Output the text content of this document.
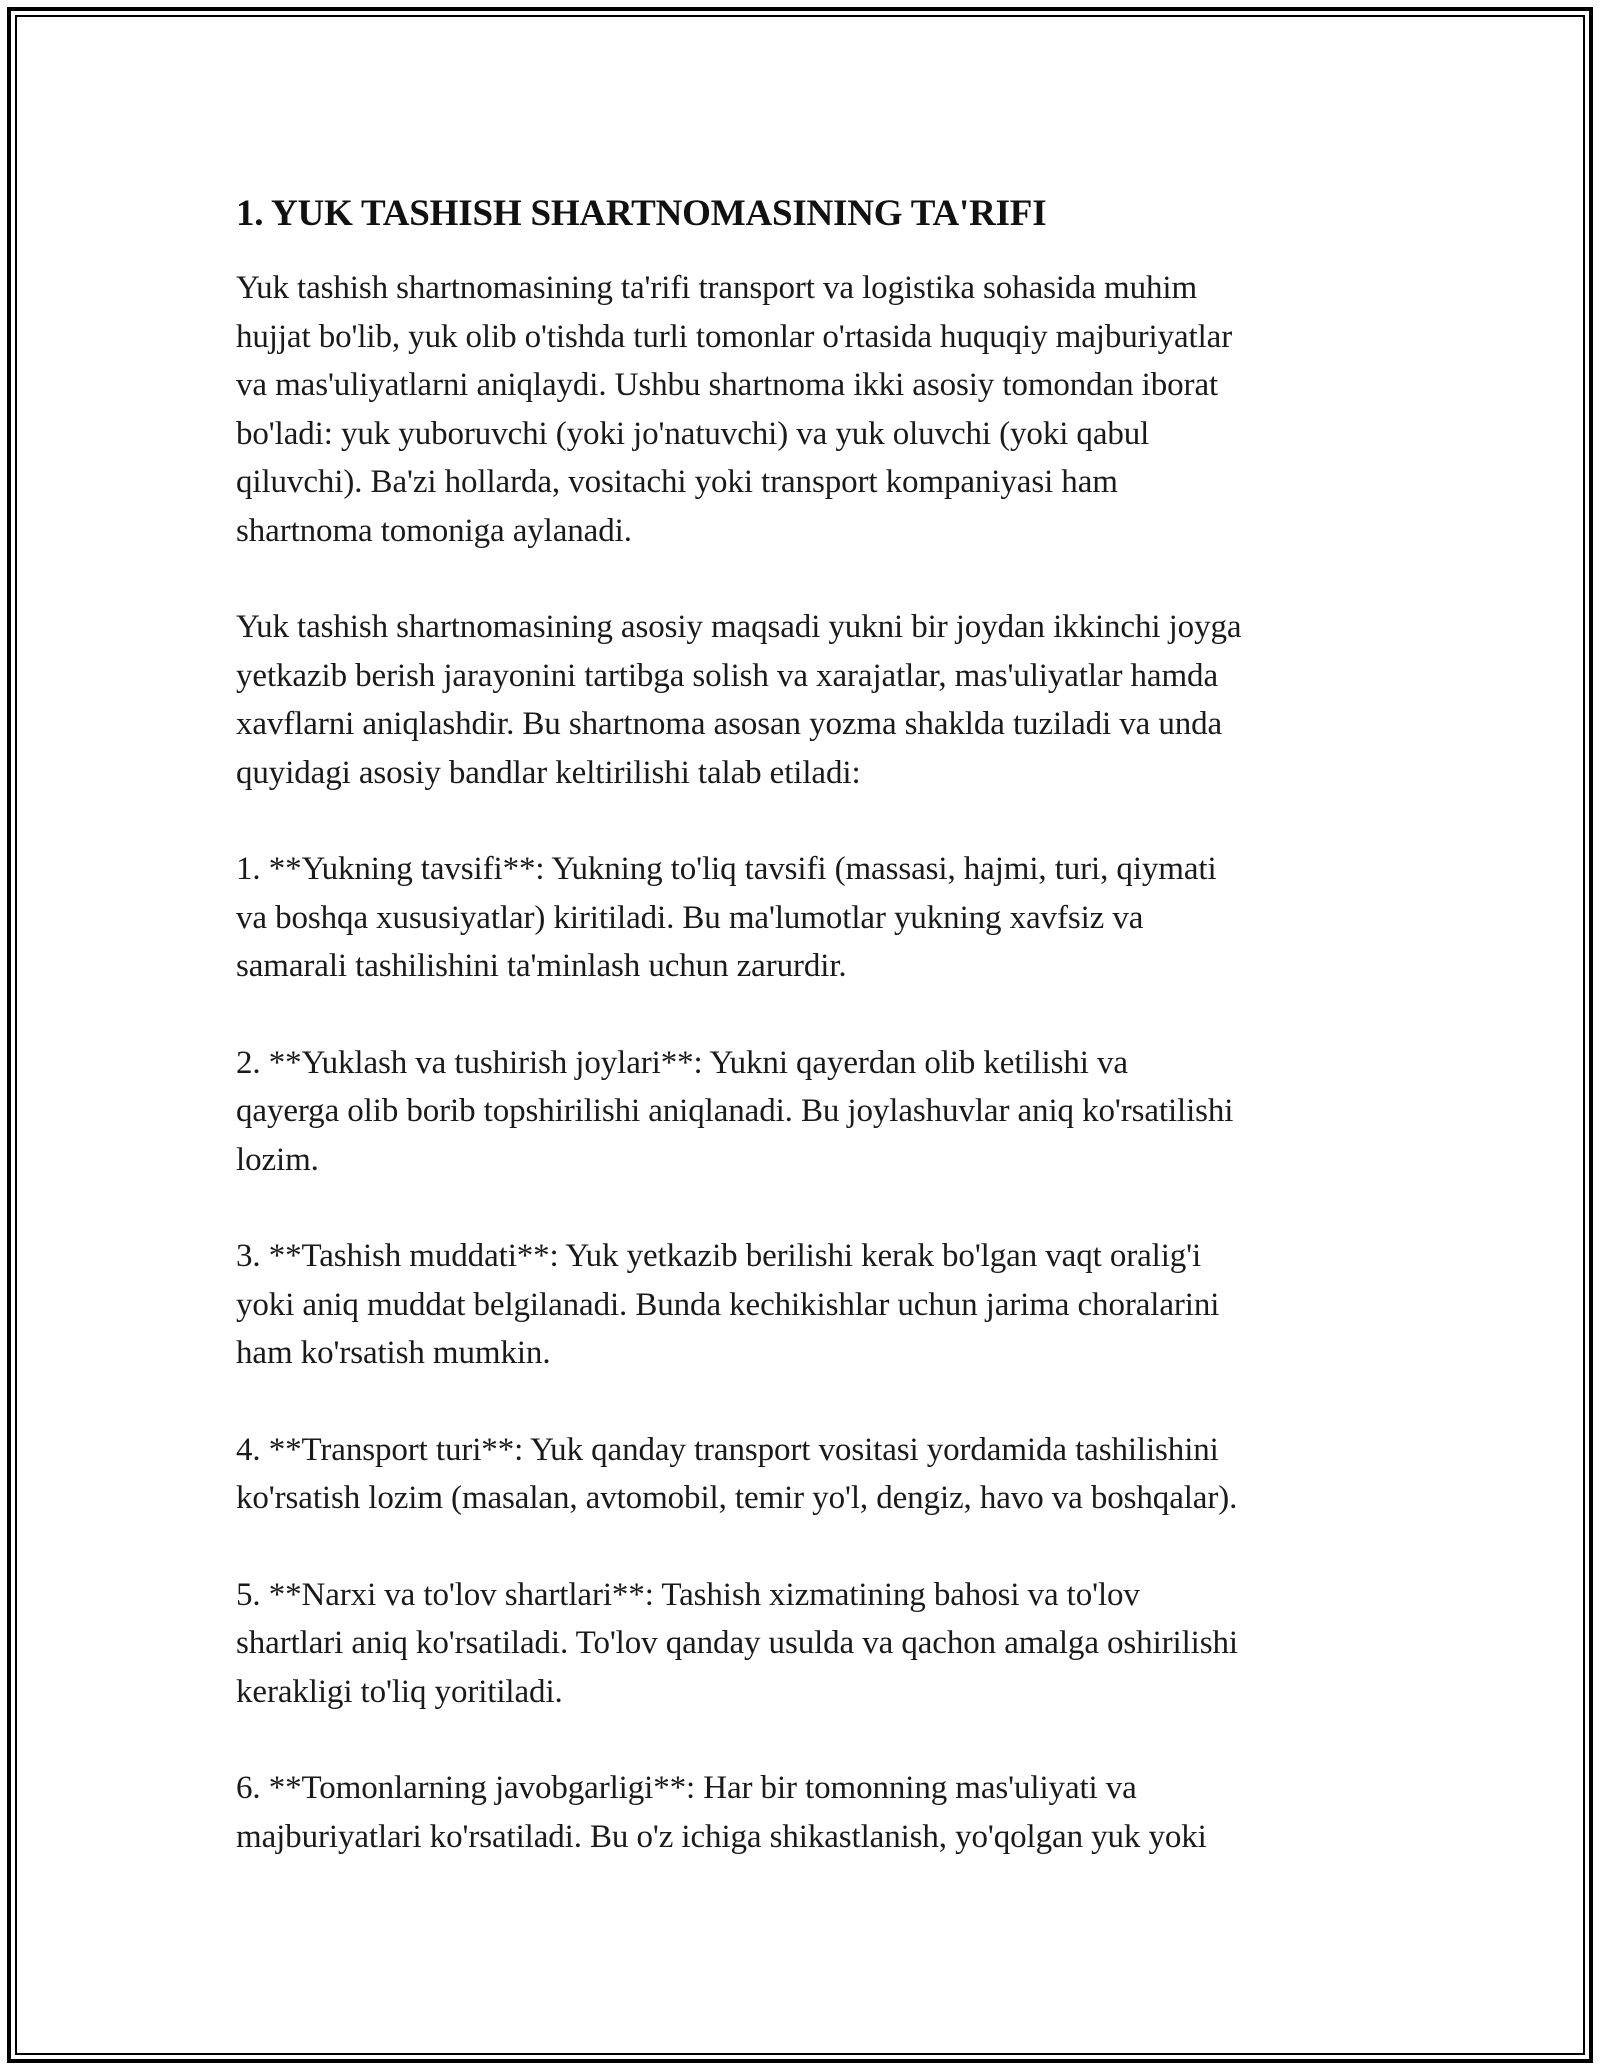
1. YUK TASHISH SHARTNOMASINING TA'RIFI

Yuk tashish shartnomasining ta'rifi transport va logistika sohasida muhim
hujjat bo'lib, yuk olib o'tishda turli tomonlar o'rtasida huquqiy majburiyatlar
va mas'uliyatlarni aniqlaydi. Ushbu shartnoma ikki asosiy tomondan iborat
bo'ladi: yuk yuboruvchi (yoki jo'natuvchi) va yuk oluvchi (yoki qabul
qiluvchi). Ba'zi hollarda, vositachi yoki transport kompaniyasi ham
shartnoma tomoniga aylanadi.

Yuk tashish shartnomasining asosiy maqsadi yukni bir joydan ikkinchi joyga
yetkazib berish jarayonini tartibga solish va xarajatlar, mas'uliyatlar hamda
xavflarni aniqlashdir. Bu shartnoma asosan yozma shaklda tuziladi va unda
quyidagi asosiy bandlar keltirilishi talab etiladi:

1. **Yukning tavsifi**: Yukning to'liq tavsifi (massasi, hajmi, turi, qiymati
va boshqa xususiyatlar) kiritiladi. Bu ma'lumotlar yukning xavfsiz va
samarali tashilishini ta'minlash uchun zarurdir.

2. **Yuklash va tushirish joylari**: Yukni qayerdan olib ketilishi va
qayerga olib borib topshirilishi aniqlanadi. Bu joylashuvlar aniq ko'rsatilishi
lozim.

3. **Tashish muddati**: Yuk yetkazib berilishi kerak bo'lgan vaqt oralig'i
yoki aniq muddat belgilanadi. Bunda kechikishlar uchun jarima choralarini
ham ko'rsatish mumkin.

4. **Transport turi**: Yuk qanday transport vositasi yordamida tashilishini
ko'rsatish lozim (masalan, avtomobil, temir yo'l, dengiz, havo va boshqalar).

5. **Narxi va to'lov shartlari**: Tashish xizmatining bahosi va to'lov
shartlari aniq ko'rsatiladi. To'lov qanday usulda va qachon amalga oshirilishi
kerakligi to'liq yoritiladi.

6. **Tomonlarning javobgarligi**: Har bir tomonning mas'uliyati va
majburiyatlari ko'rsatiladi. Bu o'z ichiga shikastlanish, yo'qolgan yuk yoki
